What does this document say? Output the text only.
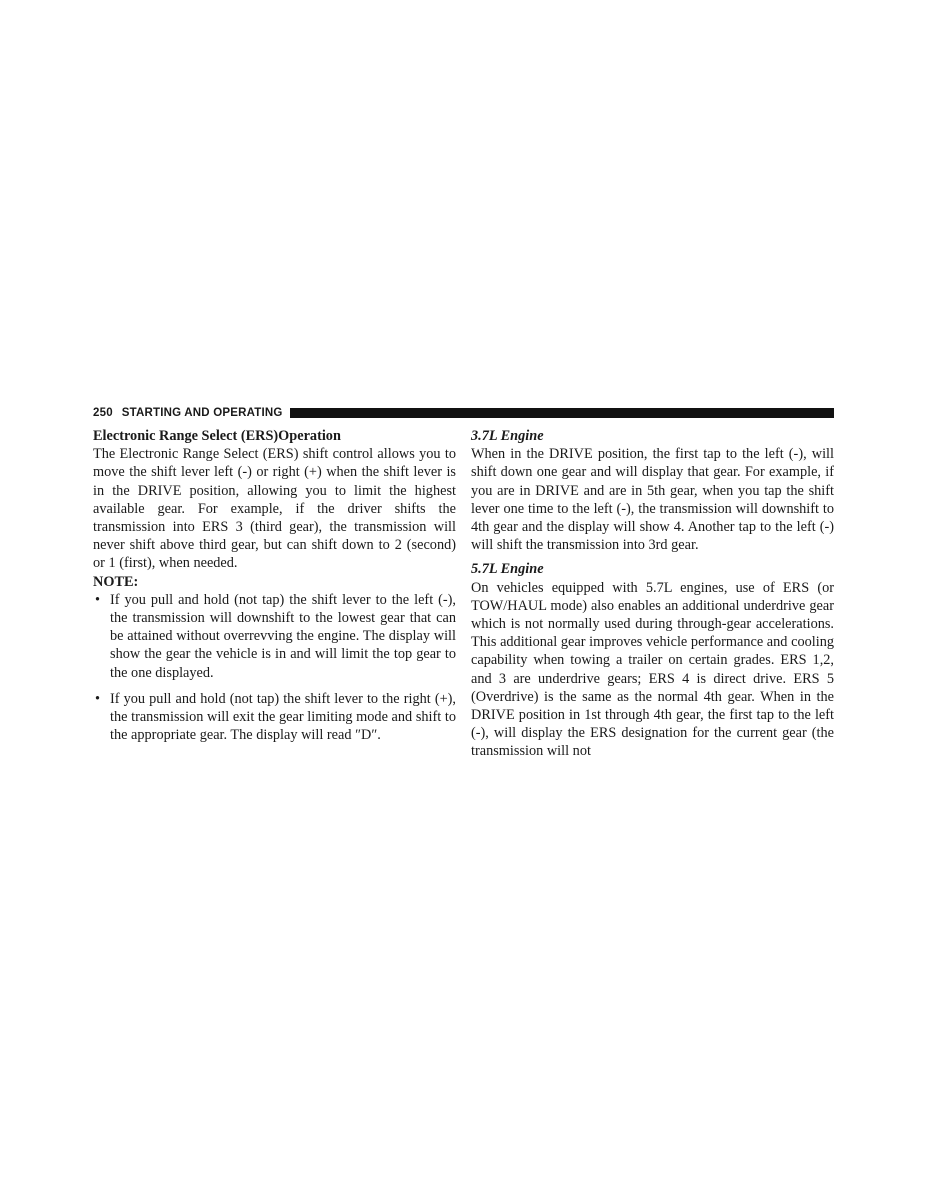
250 STARTING AND OPERATING

Electronic Range Select (ERS)Operation

The Electronic Range Select (ERS) shift control allows you to move the shift lever left (-) or right (+) when the shift lever is in the DRIVE position, allowing you to limit the highest available gear. For example, if the driver shifts the transmission into ERS 3 (third gear), the transmission will never shift above third gear, but can shift down to 2 (second) or 1 (first), when needed.

NOTE:

• If you pull and hold (not tap) the shift lever to the left (-), the transmission will downshift to the lowest gear that can be attained without overrevving the engine. The display will show the gear the vehicle is in and will limit the top gear to the one displayed.
• If you pull and hold (not tap) the shift lever to the right (+), the transmission will exit the gear limiting mode and shift to the appropriate gear. The display will read ″D″.

3.7L Engine

When in the DRIVE position, the first tap to the left (-), will shift down one gear and will display that gear. For example, if you are in DRIVE and are in 5th gear, when you tap the shift lever one time to the left (-), the transmission will downshift to 4th gear and the display will show 4. Another tap to the left (-) will shift the transmission into 3rd gear.

5.7L Engine

On vehicles equipped with 5.7L engines, use of ERS (or TOW/HAUL mode) also enables an additional underdrive gear which is not normally used during through-gear accelerations. This additional gear improves vehicle performance and cooling capability when towing a trailer on certain grades. ERS 1,2, and 3 are underdrive gears; ERS 4 is direct drive. ERS 5 (Overdrive) is the same as the normal 4th gear. When in the DRIVE position in 1st through 4th gear, the first tap to the left (-), will display the ERS designation for the current gear (the transmission will not
